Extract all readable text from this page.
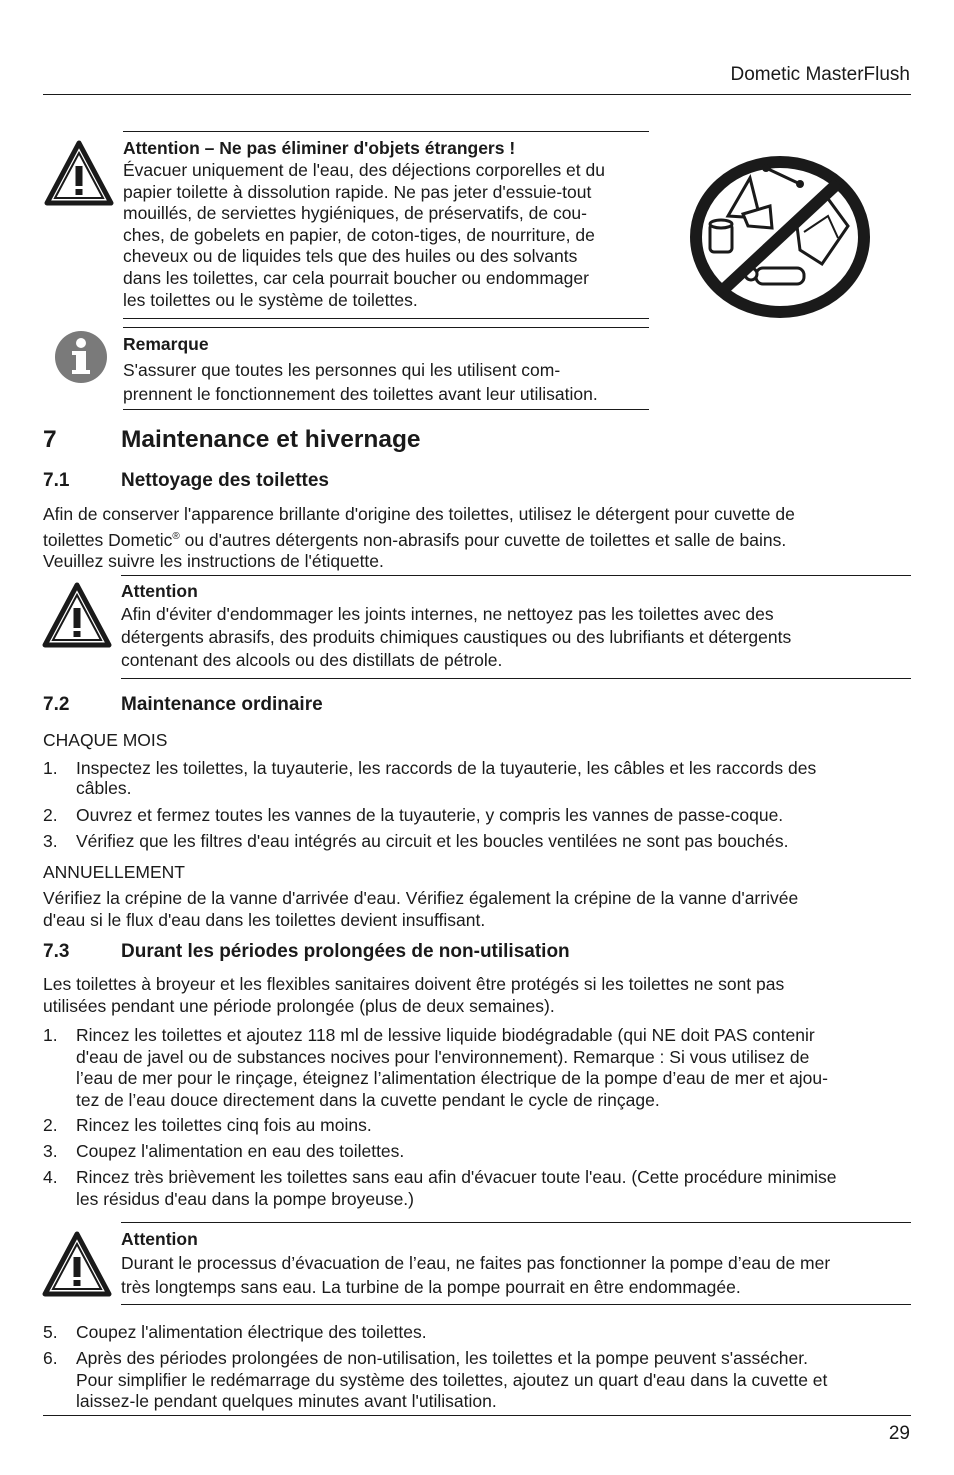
Dometic MasterFlush
Attention – Ne pas éliminer d'objets étrangers !
Évacuer uniquement de l'eau, des déjections corporelles et du
papier toilette à dissolution rapide. Ne pas jeter d'essuie-tout
mouillés, de serviettes hygiéniques, de préservatifs, de cou-
ches, de gobelets en papier, de coton-tiges, de nourriture, de
cheveux ou de liquides tels que des huiles ou des solvants
dans les toilettes, car cela pourrait boucher ou endommager
les toilettes ou le système de toilettes.
Remarque
S'assurer que toutes les personnes qui les utilisent com-
prennent le fonctionnement des toilettes avant leur utilisation.
7	Maintenance et hivernage
7.1	Nettoyage des toilettes
Afin de conserver l'apparence brillante d'origine des toilettes, utilisez le détergent pour cuvette de
toilettes Dometic® ou d'autres détergents non-abrasifs pour cuvette de toilettes et salle de bains.
Veuillez suivre les instructions de l'étiquette.
Attention
Afin d'éviter d'endommager les joints internes, ne nettoyez pas les toilettes avec des
détergents abrasifs, des produits chimiques caustiques ou des lubrifiants et détergents
contenant des alcools ou des distillats de pétrole.
7.2	Maintenance ordinaire
CHAQUE MOIS
1. Inspectez les toilettes, la tuyauterie, les raccords de la tuyauterie, les câbles et les raccords des
câbles.
2. Ouvrez et fermez toutes les vannes de la tuyauterie, y compris les vannes de passe-coque.
3. Vérifiez que les filtres d'eau intégrés au circuit et les boucles ventilées ne sont pas bouchés.
ANNUELLEMENT
Vérifiez la crépine de la vanne d'arrivée d'eau. Vérifiez également la crépine de la vanne d'arrivée
d'eau si le flux d'eau dans les toilettes devient insuffisant.
7.3	Durant les périodes prolongées de non-utilisation
Les toilettes à broyeur et les flexibles sanitaires doivent être protégés si les toilettes ne sont pas
utilisées pendant une période prolongée (plus de deux semaines).
1. Rincez les toilettes et ajoutez 118 ml de lessive liquide biodégradable (qui NE doit PAS contenir
d'eau de javel ou de substances nocives pour l'environnement). Remarque : Si vous utilisez de
l’eau de mer pour le rinçage, éteignez l’alimentation électrique de la pompe d’eau de mer et ajou-
tez de l’eau douce directement dans la cuvette pendant le cycle de rinçage.
2. Rincez les toilettes cinq fois au moins.
3. Coupez l'alimentation en eau des toilettes.
4. Rincez très brièvement les toilettes sans eau afin d'évacuer toute l'eau. (Cette procédure minimise
les résidus d'eau dans la pompe broyeuse.)
Attention
Durant le processus d’évacuation de l’eau, ne faites pas fonctionner la pompe d’eau de mer
très longtemps sans eau. La turbine de la pompe pourrait en être endommagée.
5. Coupez l'alimentation électrique des toilettes.
6. Après des périodes prolongées de non-utilisation, les toilettes et la pompe peuvent s'assécher.
Pour simplifier le redémarrage du système des toilettes, ajoutez un quart d'eau dans la cuvette et
laissez-le pendant quelques minutes avant l'utilisation.
29
